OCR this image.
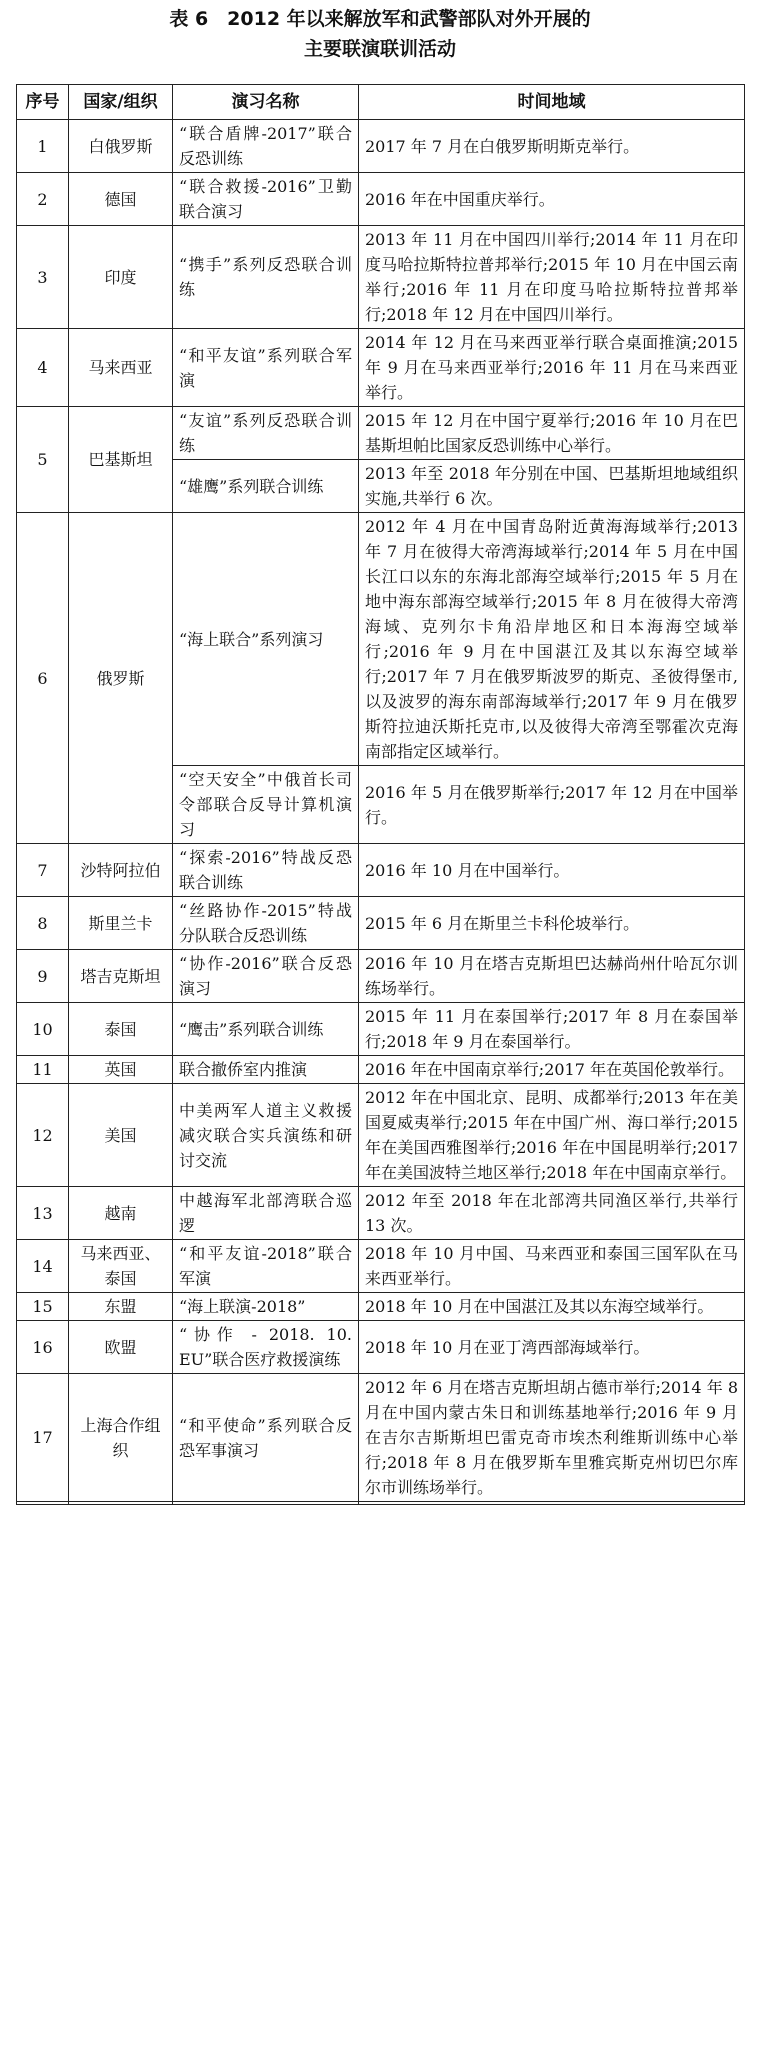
表 6　2012 年以来解放军和武警部队对外开展的
主要联演联训活动
序号	国家/组织	演习名称	时间地域
1	白俄罗斯	“联合盾牌-2017”联合反恐训练	2017 年 7 月在白俄罗斯明斯克举行。
2	德国	“联合救援-2016”卫勤联合演习	2016 年在中国重庆举行。
3	印度	“携手”系列反恐联合训练	2013 年 11 月在中国四川举行;2014 年 11 月在印度马哈拉斯特拉普邦举行;2015 年 10 月在中国云南举行;2016 年 11 月在印度马哈拉斯特拉普邦举行;2018 年 12 月在中国四川举行。
4	马来西亚	“和平友谊”系列联合军演	2014 年 12 月在马来西亚举行联合桌面推演;2015 年 9 月在马来西亚举行;2016 年 11 月在马来西亚举行。
5	巴基斯坦	“友谊”系列反恐联合训练	2015 年 12 月在中国宁夏举行;2016 年 10 月在巴基斯坦帕比国家反恐训练中心举行。
		“雄鹰”系列联合训练	2013 年至 2018 年分别在中国、巴基斯坦地域组织实施,共举行 6 次。
6	俄罗斯	“海上联合”系列演习	2012 年 4 月在中国青岛附近黄海海域举行;2013 年 7 月在彼得大帝湾海域举行;2014 年 5 月在中国长江口以东的东海北部海空域举行;2015 年 5 月在地中海东部海空域举行;2015 年 8 月在彼得大帝湾海域、克列尔卡角沿岸地区和日本海海空域举行;2016 年 9 月在中国湛江及其以东海空域举行;2017 年 7 月在俄罗斯波罗的斯克、圣彼得堡市,以及波罗的海东南部海域举行;2017 年 9 月在俄罗斯符拉迪沃斯托克市,以及彼得大帝湾至鄂霍次克海南部指定区域举行。
		“空天安全”中俄首长司令部联合反导计算机演习	2016 年 5 月在俄罗斯举行;2017 年 12 月在中国举行。
7	沙特阿拉伯	“探索-2016”特战反恐联合训练	2016 年 10 月在中国举行。
8	斯里兰卡	“丝路协作-2015”特战分队联合反恐训练	2015 年 6 月在斯里兰卡科伦坡举行。
9	塔吉克斯坦	“协作-2016”联合反恐演习	2016 年 10 月在塔吉克斯坦巴达赫尚州什哈瓦尔训练场举行。
10	泰国	“鹰击”系列联合训练	2015 年 11 月在泰国举行;2017 年 8 月在泰国举行;2018 年 9 月在泰国举行。
11	英国	联合撤侨室内推演	2016 年在中国南京举行;2017 年在英国伦敦举行。
12	美国	中美两军人道主义救援减灾联合实兵演练和研讨交流	2012 年在中国北京、昆明、成都举行;2013 年在美国夏威夷举行;2015 年在中国广州、海口举行;2015 年在美国西雅图举行;2016 年在中国昆明举行;2017 年在美国波特兰地区举行;2018 年在中国南京举行。
13	越南	中越海军北部湾联合巡逻	2012 年至 2018 年在北部湾共同渔区举行,共举行 13 次。
14	马来西亚、泰国	“和平友谊-2018”联合军演	2018 年 10 月中国、马来西亚和泰国三国军队在马来西亚举行。
15	东盟	“海上联演-2018”	2018 年 10 月在中国湛江及其以东海空域举行。
16	欧盟	“协作 - 2018. 10. EU”联合医疗救援演练	2018 年 10 月在亚丁湾西部海域举行。
17	上海合作组织	“和平使命”系列联合反恐军事演习	2012 年 6 月在塔吉克斯坦胡占德市举行;2014 年 8 月在中国内蒙古朱日和训练基地举行;2016 年 9 月在吉尔吉斯斯坦巴雷克奇市埃杰利维斯训练中心举行;2018 年 8 月在俄罗斯车里雅宾斯克州切巴尔库尔市训练场举行。
